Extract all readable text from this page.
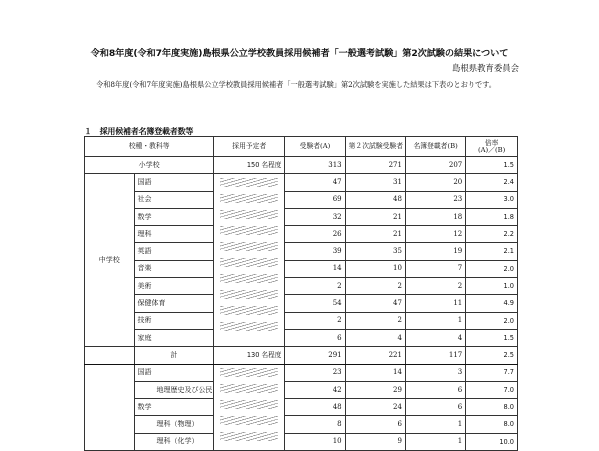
令和8年度(令和7年度実施)島根県公立学校教員採用候補者「一般選考試験」第2次試験の結果について
島根県教育委員会
令和8年度(令和7年度実施)島根県公立学校教員採用候補者「一般選考試験」第2次試験を実施した結果は下表のとおりです。
１　採用候補者名簿登載者数等
校種・教科等		採用予定者	受験者(A)	第２次試験受験者	名簿登載者(B)	倍率
(A)／(B)

小学校		150 名程度	313	271	207	1.5
中学校	国語		47	31	20	2.4
	社会		69	48	23	3.0
	数学		32	21	18	1.8
	理科		26	21	12	2.2
	英語		39	35	19	2.1
	音楽		14	10	7	2.0
	美術		2	2	2	1.0
	保健体育		54	47	11	4.9
	技術		2	2	1	2.0
	家庭		6	4	4	1.5
	計	130 名程度	291	221	117	2.5
	国語		23	14	3	7.7
	地理歴史及び公民		42	29	6	7.0
	数学		48	24	6	8.0
	理科（物理）		8	6	1	8.0
	理科（化学）		10	9	1	10.0
